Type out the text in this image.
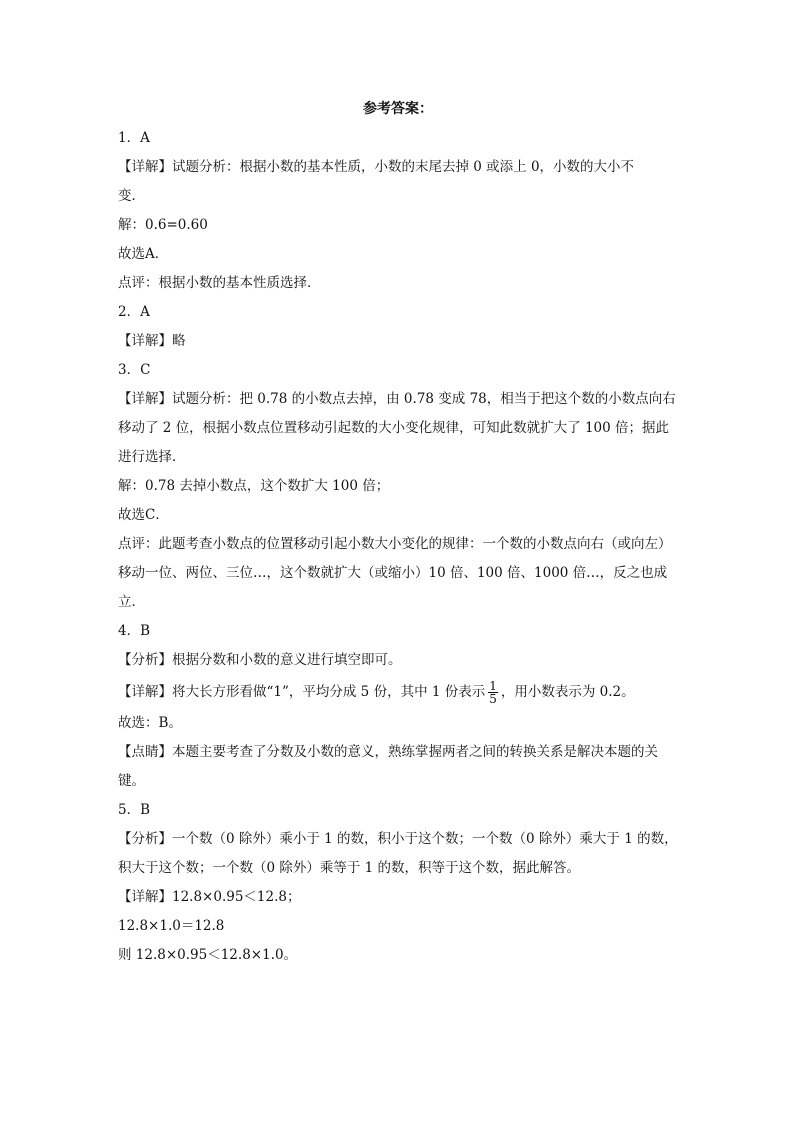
参考答案：
1．A
【详解】试题分析：根据小数的基本性质，小数的末尾去掉 0 或添上 0，小数的大小不
变．
解：0.6=0.60
故选A．
点评：根据小数的基本性质选择．
2．A
【详解】略
3．C
【详解】试题分析：把 0.78 的小数点去掉，由 0.78 变成 78，相当于把这个数的小数点向右
移动了 2 位，根据小数点位置移动引起数的大小变化规律，可知此数就扩大了 100 倍；据此
进行选择．
解：0.78 去掉小数点，这个数扩大 100 倍；
故选C．
点评：此题考查小数点的位置移动引起小数大小变化的规律：一个数的小数点向右（或向左）
移动一位、两位、三位…，这个数就扩大（或缩小）10 倍、100 倍、1000 倍…，反之也成
立．
4．B
【分析】根据分数和小数的意义进行填空即可。
【详解】将大长方形看做“1”，平均分成 5 份，其中 1 份表示 $\frac{1}{5}$ ，用小数表示为 0.2。
故选：B。
【点睛】本题主要考查了分数及小数的意义，熟练掌握两者之间的转换关系是解决本题的关
键。
5．B
【分析】一个数（0 除外）乘小于 1 的数，积小于这个数；一个数（0 除外）乘大于 1 的数，
积大于这个数；一个数（0 除外）乘等于 1 的数，积等于这个数，据此解答。
【详解】12.8×0.95＜12.8；
12.8×1.0＝12.8
则 12.8×0.95＜12.8×1.0。
